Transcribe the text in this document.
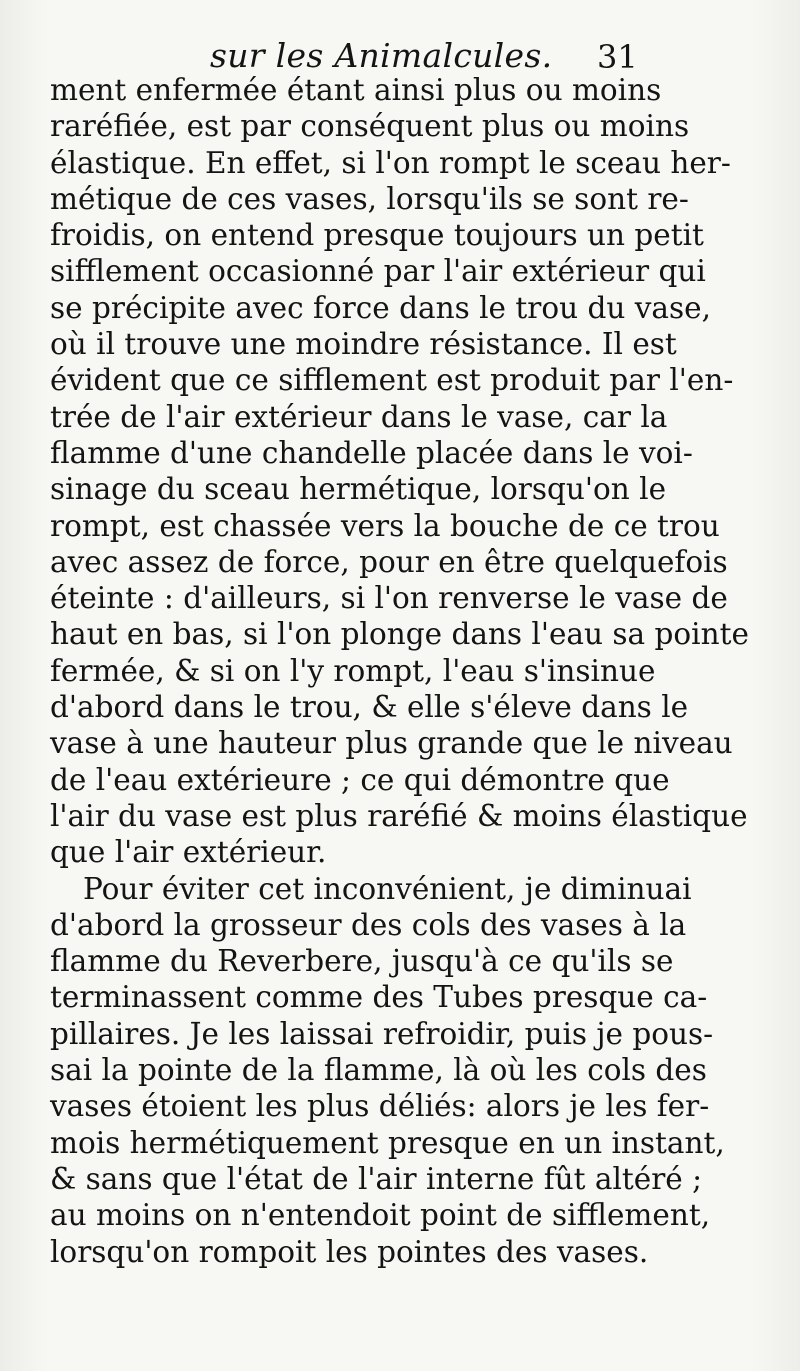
sur les Animalcules. 31
ment enfermée étant ainsi plus ou moins
raréfiée, est par conséquent plus ou moins
élastique. En effet, si l'on rompt le sceau her-
métique de ces vases, lorsqu'ils se sont re-
froidis, on entend presque toujours un petit
sifflement occasionné par l'air extérieur qui
se précipite avec force dans le trou du vase,
où il trouve une moindre résistance. Il est
évident que ce sifflement est produit par l'en-
trée de l'air extérieur dans le vase, car la
flamme d'une chandelle placée dans le voi-
sinage du sceau hermétique, lorsqu'on le
rompt, est chassée vers la bouche de ce trou
avec assez de force, pour en être quelquefois
éteinte : d'ailleurs, si l'on renverse le vase de
haut en bas, si l'on plonge dans l'eau sa pointe
fermée, & si on l'y rompt, l'eau s'insinue
d'abord dans le trou, & elle s'éleve dans le
vase à une hauteur plus grande que le niveau
de l'eau extérieure ; ce qui démontre que
l'air du vase est plus raréfié & moins élastique
que l'air extérieur.
Pour éviter cet inconvénient, je diminuai
d'abord la grosseur des cols des vases à la
flamme du Reverbere, jusqu'à ce qu'ils se
terminassent comme des Tubes presque ca-
pillaires. Je les laissai refroidir, puis je pous-
sai la pointe de la flamme, là où les cols des
vases étoient les plus déliés: alors je les fer-
mois hermétiquement presque en un instant,
& sans que l'état de l'air interne fût altéré ;
au moins on n'entendoit point de sifflement,
lorsqu'on rompoit les pointes des vases.
